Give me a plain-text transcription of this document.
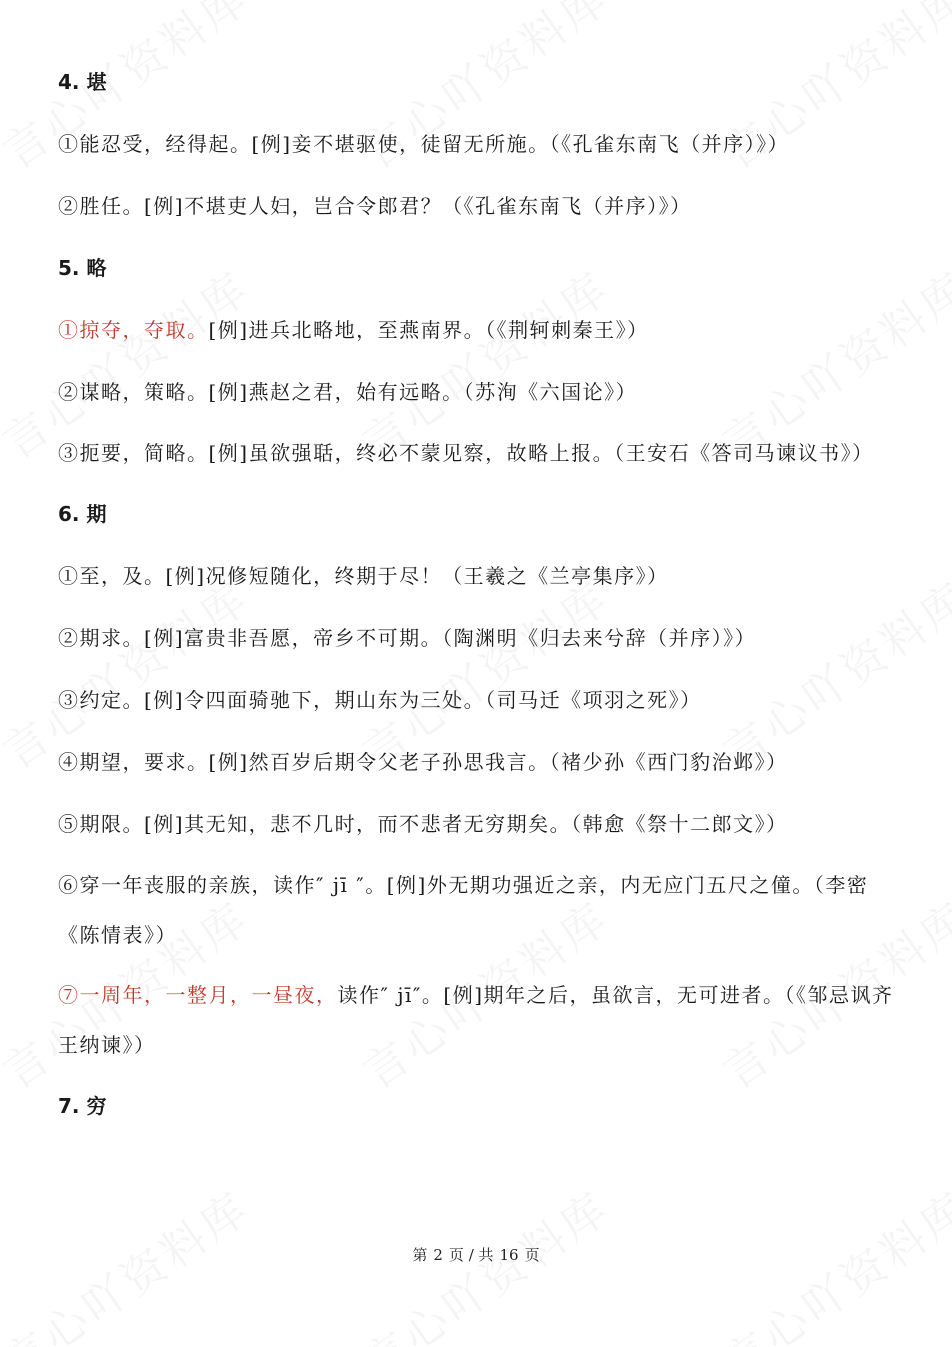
4. 堪
①能忍受，经得起。[例]妾不堪驱使，徒留无所施。（《孔雀东南飞（并序）》）
②胜任。[例]不堪吏人妇，岂合令郎君？（《孔雀东南飞（并序）》）
5. 略
①掠夺，夺取。[例]进兵北略地，至燕南界。（《荆轲刺秦王》）
②谋略，策略。[例]燕赵之君，始有远略。（苏洵《六国论》）
③扼要，简略。[例]虽欲强聒，终必不蒙见察，故略上报。（王安石《答司马谏议书》）
6. 期
①至，及。[例]况修短随化，终期于尽！（王羲之《兰亭集序》）
②期求。[例]富贵非吾愿，帝乡不可期。（陶渊明《归去来兮辞（并序）》）
③约定。[例]令四面骑驰下，期山东为三处。（司马迁《项羽之死》）
④期望，要求。[例]然百岁后期令父老子孙思我言。（褚少孙《西门豹治邺》）
⑤期限。[例]其无知，悲不几时，而不悲者无穷期矣。（韩愈《祭十二郎文》）
⑥穿一年丧服的亲族，读作″ jī ″。[例]外无期功强近之亲，内无应门五尺之僮。（李密《陈情表》）
⑦一周年，一整月，一昼夜，读作″ jī″。[例]期年之后，虽欲言，无可进者。（《邹忌讽齐王纳谏》）
7. 穷
第 2 页 / 共 16 页
